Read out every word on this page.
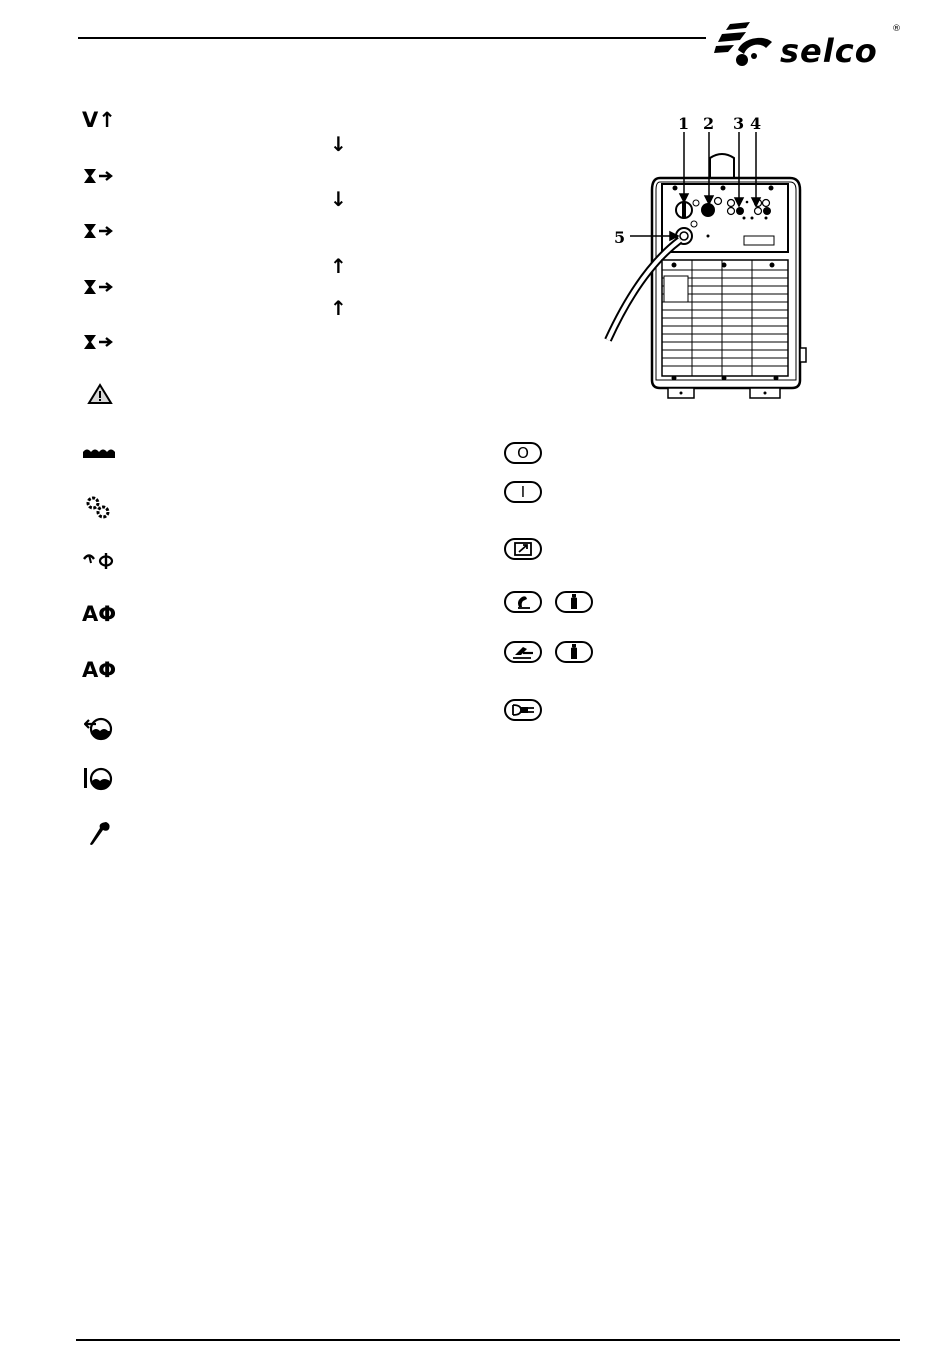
selco
®
V↑
AΦ
AΦ
↓
↓
↑
↑
1 2 3 4
5
O
I
